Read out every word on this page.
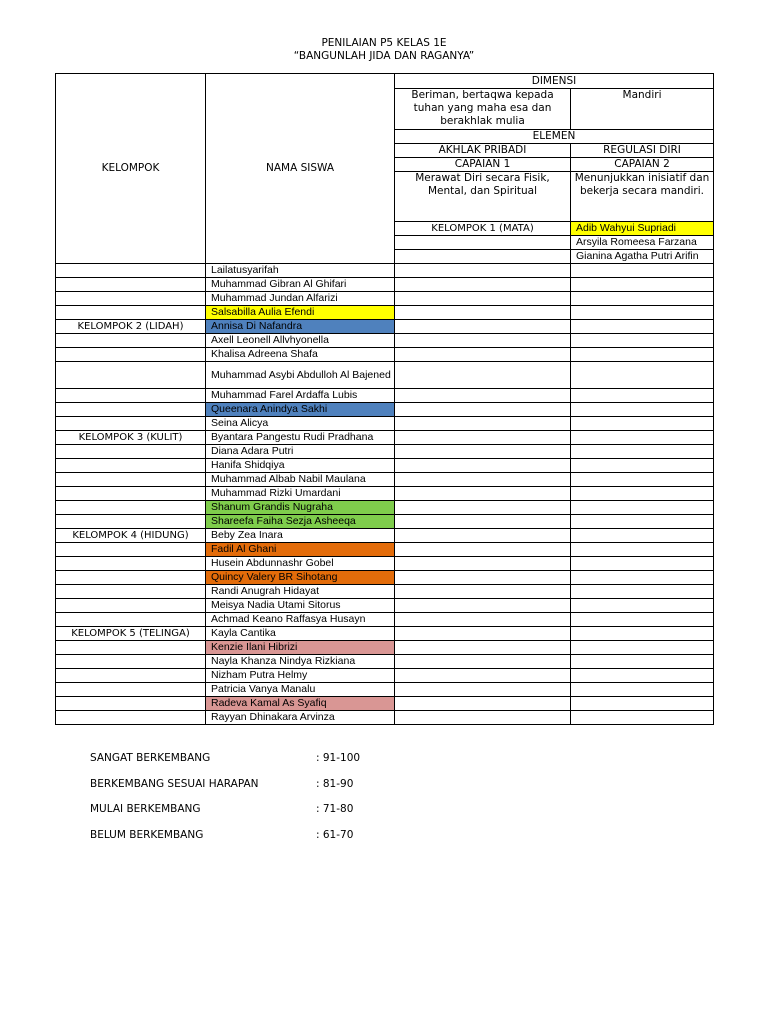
PENILAIAN P5 KELAS 1E
“BANGUNLAH JIDA DAN RAGANYA”
KELOMPOK	NAMA SISWA	DIMENSI		
		Beriman, bertaqwa kepada tuhan yang maha esa dan berakhlak mulia	Mandiri	
		ELEMEN		
		AKHLAK PRIBADI	REGULASI DIRI	
		CAPAIAN 1	CAPAIAN 2	
		Merawat Diri secara Fisik, Mental, dan Spiritual	Menunjukkan inisiatif dan bekerja secara mandiri.	
		KELOMPOK 1 (MATA)	Adib Wahyui Supriadi		
			Arsyila Romeesa Farzana		
			Gianina Agatha Putri Arifin		
	Lailatusyarifah			
	Muhammad Gibran Al Ghifari			
	Muhammad Jundan Alfarizi			
	Salsabilla Aulia Efendi			
KELOMPOK 2 (LIDAH)	Annisa Di Nafandra			
	Axell Leonell Allvhyonella			
	Khalisa Adreena Shafa			
	Muhammad Asybi Abdulloh Al Bajened			
	Muhammad Farel Ardaffa Lubis			
	Queenara Anindya Sakhi			
	Seina Alicya			
KELOMPOK 3 (KULIT)	Byantara Pangestu Rudi Pradhana			
	Diana Adara Putri			
	Hanifa Shidqiya			
	Muhammad Albab Nabil Maulana			
	Muhammad Rizki Umardani			
	Shanum Grandis Nugraha			
	Shareefa Faiha Sezja Asheeqa			
KELOMPOK 4 (HIDUNG)	Beby Zea Inara			
	Fadil Al Ghani			
	Husein Abdunnashr Gobel			
	Quincy Valery BR Sihotang			
	Randi Anugrah Hidayat			
	Meisya Nadia Utami Sitorus			
	Achmad Keano Raffasya Husayn			
KELOMPOK 5 (TELINGA)	Kayla Cantika			
	Kenzie Ilani Hibrizi			
	Nayla Khanza Nindya Rizkiana			
	Nizham Putra Helmy			
	Patricia Vanya Manalu			
	Radeva Kamal As Syafiq			
	Rayyan Dhinakara Arvinza			
SANGAT BERKEMBANG	: 91-100
BERKEMBANG SESUAI HARAPAN	: 81-90
MULAI BERKEMBANG	: 71-80
BELUM BERKEMBANG	: 61-70
